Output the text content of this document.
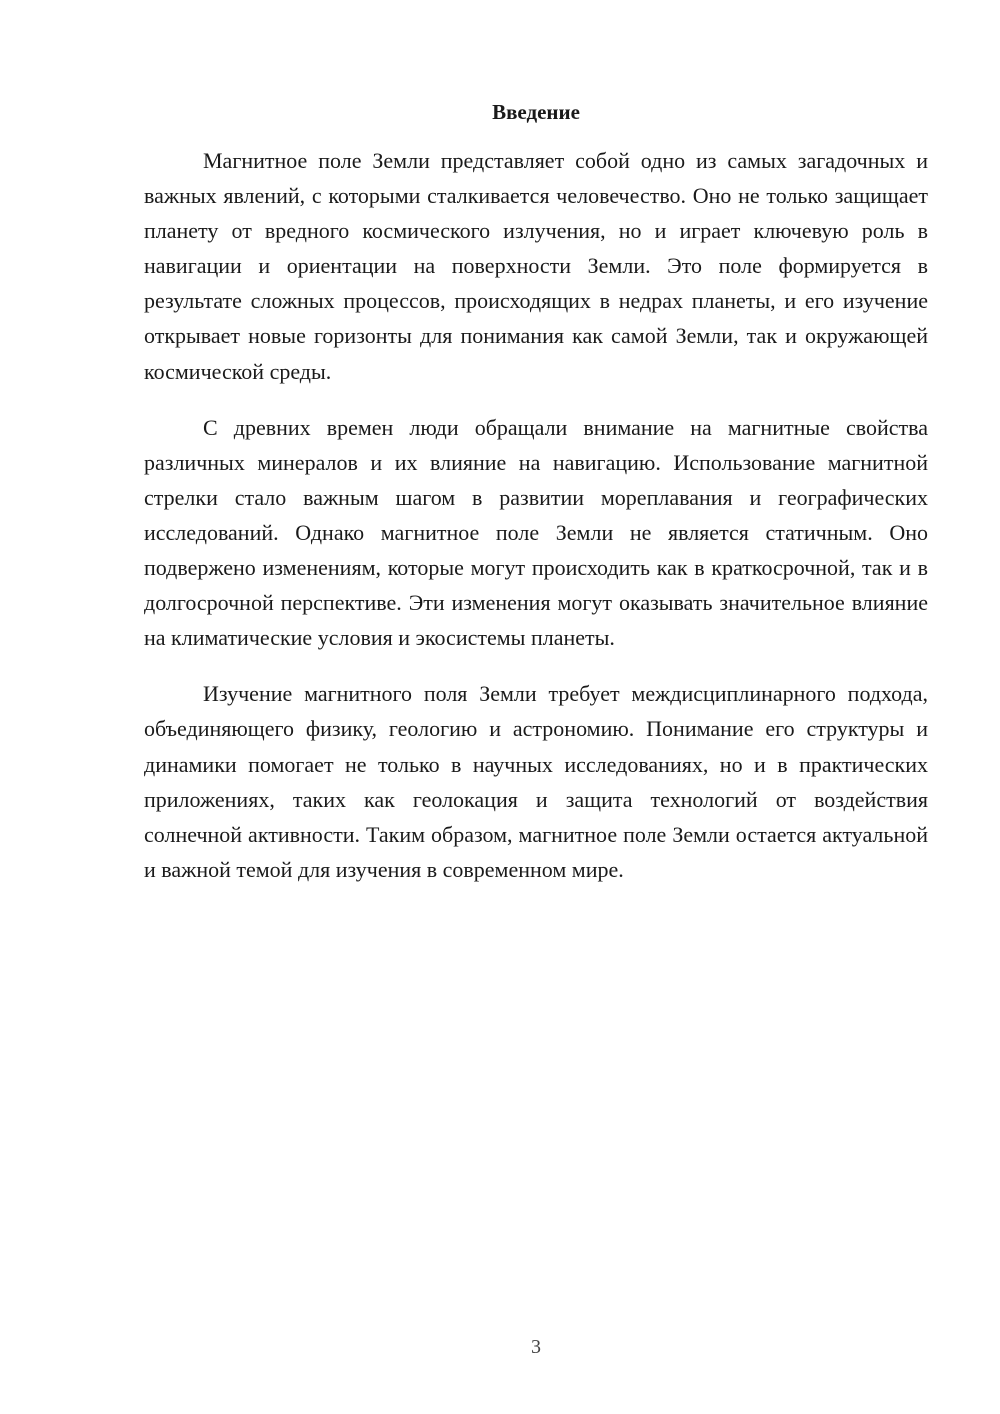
Введение

Магнитное поле Земли представляет собой одно из самых загадочных и важных явлений, с которыми сталкивается человечество. Оно не только защищает планету от вредного космического излучения, но и играет ключевую роль в навигации и ориентации на поверхности Земли. Это поле формируется в результате сложных процессов, происходящих в недрах планеты, и его изучение открывает новые горизонты для понимания как самой Земли, так и окружающей космической среды.

С древних времен люди обращали внимание на магнитные свойства различных минералов и их влияние на навигацию. Использование магнитной стрелки стало важным шагом в развитии мореплавания и географических исследований. Однако магнитное поле Земли не является статичным. Оно подвержено изменениям, которые могут происходить как в краткосрочной, так и в долгосрочной перспективе. Эти изменения могут оказывать значительное влияние на климатические условия и экосистемы планеты.

Изучение магнитного поля Земли требует междисциплинарного подхода, объединяющего физику, геологию и астрономию. Понимание его структуры и динамики помогает не только в научных исследованиях, но и в практических приложениях, таких как геолокация и защита технологий от воздействия солнечной активности. Таким образом, магнитное поле Земли остается актуальной и важной темой для изучения в современном мире.

3
